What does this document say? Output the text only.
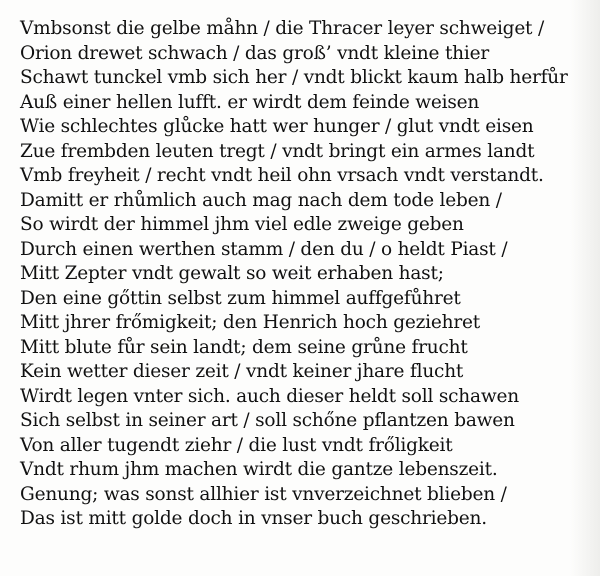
Vmbsonst die gelbe måhn / die Thracer leyer schweiget /
Orion drewet schwach / das groß’ vndt kleine thier
Schawt tunckel vmb sich her / vndt blickt kaum halb herfůr
Auß einer hellen lufft. er wirdt dem feinde weisen
Wie schlechtes glůcke hatt wer hunger / glut vndt eisen
Zue frembden leuten tregt / vndt bringt ein armes landt
Vmb freyheit / recht vndt heil ohn vrsach vndt verstandt.
Damitt er rhůmlich auch mag nach dem tode leben /
So wirdt der himmel jhm viel edle zweige geben
Durch einen werthen stamm / den du / o heldt Piast /
Mitt Zepter vndt gewalt so weit erhaben hast;
Den eine gőttin selbst zum himmel auffgefůhret
Mitt jhrer frőmigkeit; den Henrich hoch geziehret
Mitt blute fůr sein landt; dem seine grůne frucht
Kein wetter dieser zeit / vndt keiner jhare flucht
Wirdt legen vnter sich. auch dieser heldt soll schawen
Sich selbst in seiner art / soll schőne pflantzen bawen
Von aller tugendt ziehr / die lust vndt frőligkeit
Vndt rhum jhm machen wirdt die gantze lebenszeit.
Genung; was sonst allhier ist vnverzeichnet blieben /
Das ist mitt golde doch in vnser buch geschrieben.
